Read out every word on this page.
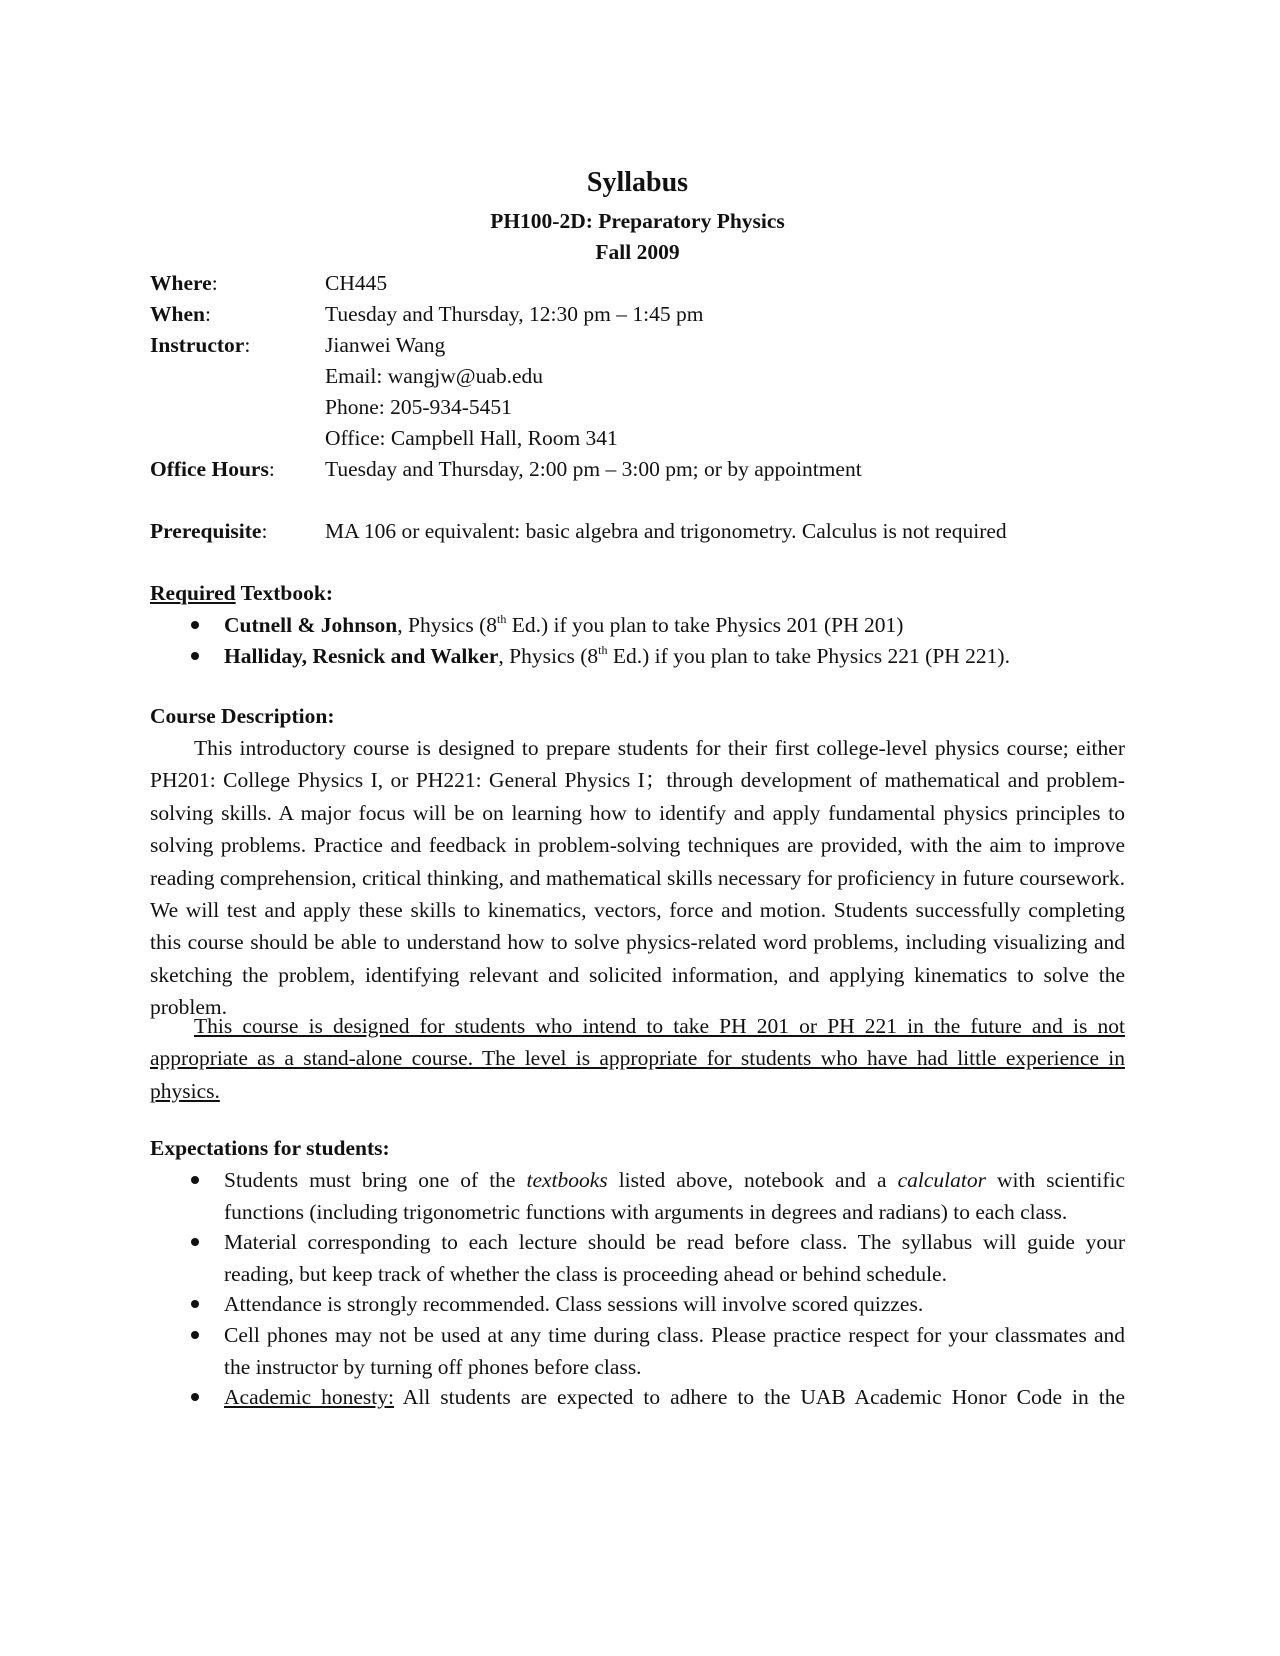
Syllabus
PH100-2D: Preparatory Physics
Fall 2009
Where:	CH445
When:	Tuesday and Thursday, 12:30 pm – 1:45 pm
Instructor:	Jianwei Wang
Email: wangjw@uab.edu
Phone: 205-934-5451
Office: Campbell Hall, Room 341
Office Hours: Tuesday and Thursday, 2:00 pm – 3:00 pm; or by appointment
Prerequisite:	MA 106 or equivalent: basic algebra and trigonometry. Calculus is not required
Required Textbook:
Cutnell & Johnson, Physics (8th Ed.) if you plan to take Physics 201 (PH 201)
Halliday, Resnick and Walker, Physics (8th Ed.) if you plan to take Physics 221 (PH 221).
Course Description:
This introductory course is designed to prepare students for their first college-level physics course; either PH201: College Physics I, or PH221: General Physics I；through development of mathematical and problem-solving skills. A major focus will be on learning how to identify and apply fundamental physics principles to solving problems. Practice and feedback in problem-solving techniques are provided, with the aim to improve reading comprehension, critical thinking, and mathematical skills necessary for proficiency in future coursework. We will test and apply these skills to kinematics, vectors, force and motion. Students successfully completing this course should be able to understand how to solve physics-related word problems, including visualizing and sketching the problem, identifying relevant and solicited information, and applying kinematics to solve the problem.
This course is designed for students who intend to take PH 201 or PH 221 in the future and is not appropriate as a stand-alone course. The level is appropriate for students who have had little experience in physics.
Expectations for students:
Students must bring one of the textbooks listed above, notebook and a calculator with scientific functions (including trigonometric functions with arguments in degrees and radians) to each class.
Material corresponding to each lecture should be read before class. The syllabus will guide your reading, but keep track of whether the class is proceeding ahead or behind schedule.
Attendance is strongly recommended. Class sessions will involve scored quizzes.
Cell phones may not be used at any time during class. Please practice respect for your classmates and the instructor by turning off phones before class.
Academic honesty: All students are expected to adhere to the UAB Academic Honor Code in the
